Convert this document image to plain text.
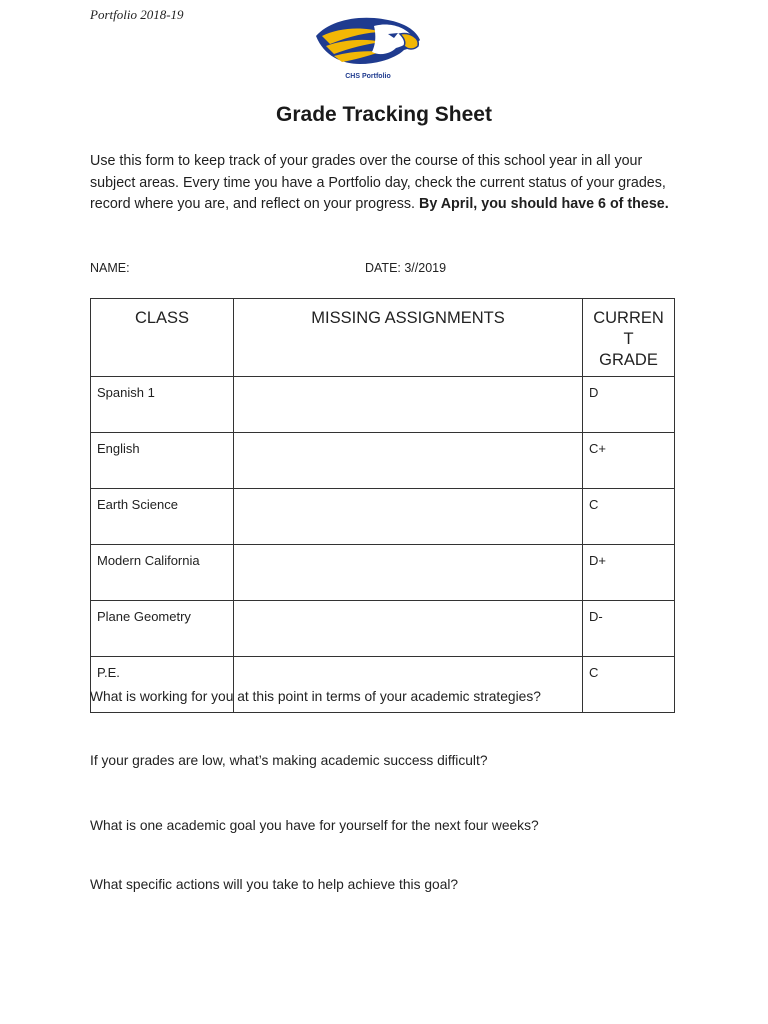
Portfolio 2018-19
CHS Portfolio
Grade Tracking Sheet
Use this form to keep track of your grades over the course of this school year in all your subject areas. Every time you have a Portfolio day, check the current status of your grades, record where you are, and reflect on your progress. By April, you should have 6 of these.
NAME:	DATE: 3//2019
CLASS	MISSING ASSIGNMENTS	CURREN
T
GRADE
Spanish 1		D
English		C+
Earth Science		C
Modern California		D+
Plane Geometry		D-
P.E.		C
What is working for you at this point in terms of your academic strategies?
If your grades are low, what’s making academic success difficult?
What is one academic goal you have for yourself for the next four weeks?
What specific actions will you take to help achieve this goal?
